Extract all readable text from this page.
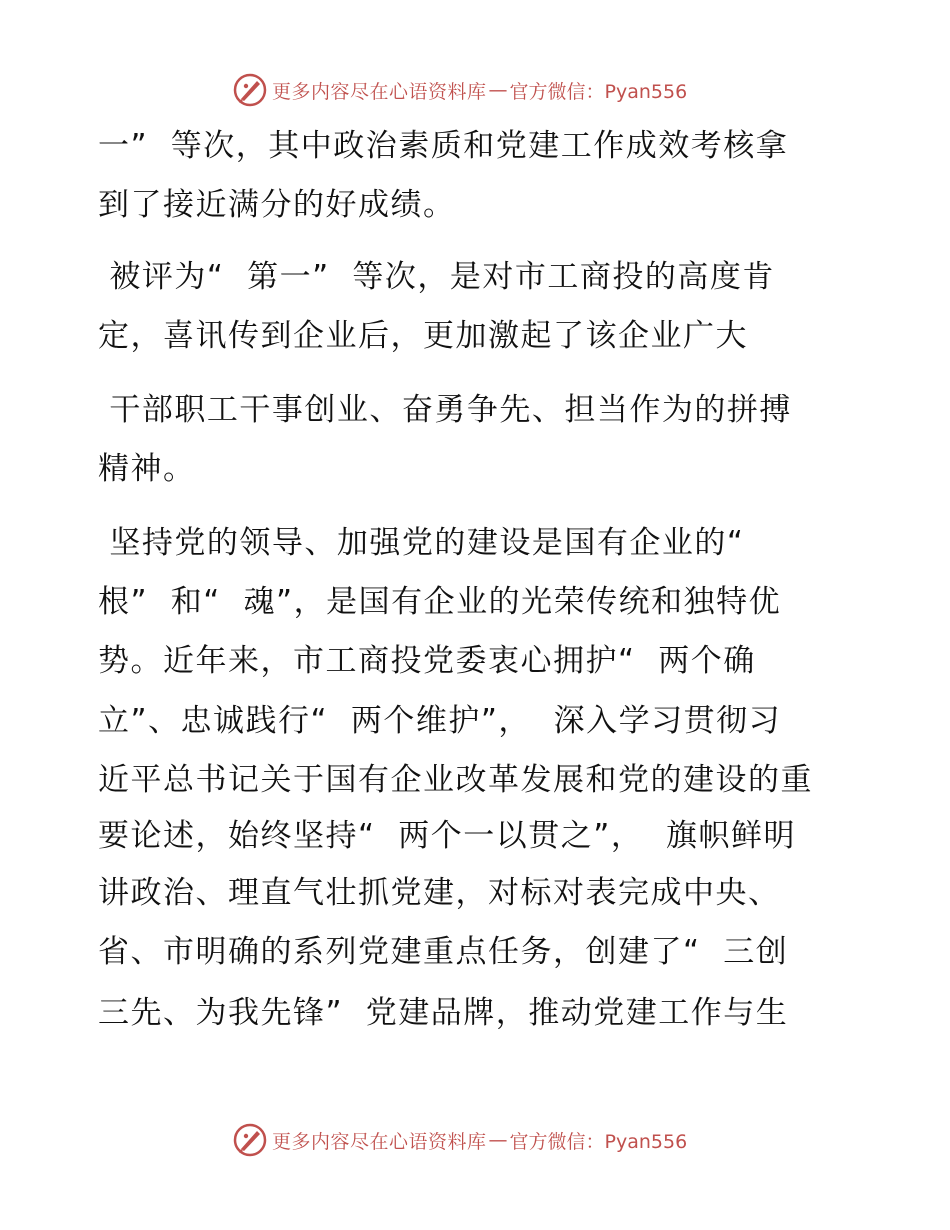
更多内容尽在心语资料库 — 官方微信：Pyan556
一”  等次，其中政治素质和党建工作成效考核拿
到了接近满分的好成绩。
被评为“  第一”  等次，是对市工商投的高度肯
定，喜讯传到企业后，更加激起了该企业广大
干部职工干事创业、奋勇争先、担当作为的拼搏
精神。
坚持党的领导、加强党的建设是国有企业的“
根”  和“  魂”，是国有企业的光荣传统和独特优
势。近年来，市工商投党委衷心拥护“  两个确
立”、忠诚践行“  两个维护”，  深入学习贯彻习
近平总书记关于国有企业改革发展和党的建设的重
要论述，始终坚持“  两个一以贯之”，  旗帜鲜明
讲政治、理直气壮抓党建，对标对表完成中央、
省、市明确的系列党建重点任务，创建了“  三创
三先、为我先锋”  党建品牌，推动党建工作与生
更多内容尽在心语资料库 — 官方微信：Pyan556
